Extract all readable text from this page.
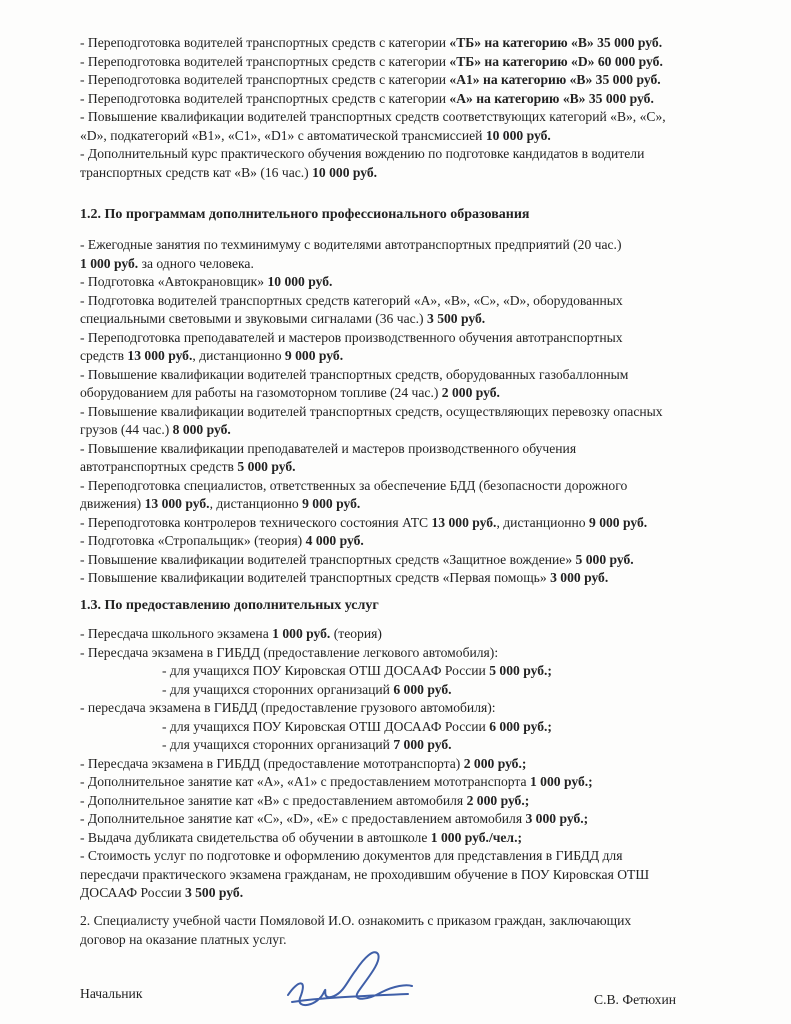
- Переподготовка водителей транспортных средств с категории «ТБ» на категорию «В» 35 000 руб.
- Переподготовка водителей транспортных средств с категории «ТБ» на категорию «D» 60 000 руб.
- Переподготовка водителей транспортных средств с категории «А1» на категорию «В» 35 000 руб.
- Переподготовка водителей транспортных средств с категории «А» на категорию «В» 35 000 руб.
- Повышение квалификации водителей транспортных средств соответствующих категорий «В», «С»,
«D», подкатегорий «В1», «С1», «D1» с автоматической трансмиссией 10 000 руб.
- Дополнительный курс практического обучения вождению по подготовке кандидатов в водители
транспортных средств кат «В» (16 час.) 10 000 руб.
1.2. По программам дополнительного профессионального образования
- Ежегодные занятия по техминимуму с водителями автотранспортных предприятий (20 час.)
1 000 руб. за одного человека.
- Подготовка «Автокрановщик» 10 000 руб.
- Подготовка водителей транспортных средств категорий «А», «В», «С», «D», оборудованных
специальными световыми и звуковыми сигналами (36 час.) 3 500 руб.
- Переподготовка преподавателей и мастеров производственного обучения автотранспортных
средств 13 000 руб., дистанционно 9 000 руб.
- Повышение квалификации водителей транспортных средств, оборудованных газобаллонным
оборудованием для работы на газомоторном топливе (24 час.) 2 000 руб.
- Повышение квалификации водителей транспортных средств, осуществляющих перевозку опасных
грузов (44 час.) 8 000 руб.
- Повышение квалификации преподавателей и мастеров производственного обучения
автотранспортных средств 5 000 руб.
- Переподготовка специалистов, ответственных за обеспечение БДД (безопасности дорожного
движения) 13 000 руб., дистанционно 9 000 руб.
- Переподготовка контролеров технического состояния АТС 13 000 руб., дистанционно 9 000 руб.
- Подготовка «Стропальщик» (теория) 4 000 руб.
- Повышение квалификации водителей транспортных средств «Защитное вождение» 5 000 руб.
- Повышение квалификации водителей транспортных средств «Первая помощь» 3 000 руб.
1.3. По предоставлению дополнительных услуг
- Пересдача школьного экзамена 1 000 руб. (теория)
- Пересдача экзамена в ГИБДД (предоставление легкового автомобиля):
- для учащихся ПОУ Кировская ОТШ ДОСААФ России 5 000 руб.;
- для учащихся сторонних организаций 6 000 руб.
- пересдача экзамена в ГИБДД (предоставление грузового автомобиля):
- для учащихся ПОУ Кировская ОТШ ДОСААФ России 6 000 руб.;
- для учащихся сторонних организаций 7 000 руб.
- Пересдача экзамена в ГИБДД (предоставление мототранспорта) 2 000 руб.;
- Дополнительное занятие кат «А», «А1» с предоставлением мототранспорта 1 000 руб.;
- Дополнительное занятие кат «В» с предоставлением автомобиля 2 000 руб.;
- Дополнительное занятие кат «С», «D», «Е» с предоставлением автомобиля 3 000 руб.;
- Выдача дубликата свидетельства об обучении в автошколе 1 000 руб./чел.;
- Стоимость услуг по подготовке и оформлению документов для представления в ГИБДД для
пересдачи практического экзамена гражданам, не проходившим обучение в ПОУ Кировская ОТШ
ДОСААФ России 3 500 руб.
2. Специалисту учебной части Помяловой И.О. ознакомить с приказом граждан, заключающих
договор на оказание платных услуг.
Начальник	С.В. Фетюхин
